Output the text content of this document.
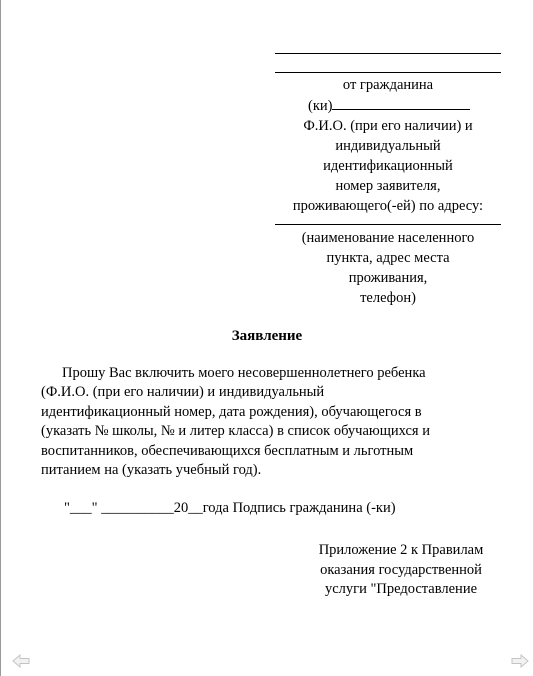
от гражданина
(ки)
Ф.И.О. (при его наличии) и
индивидуальный
идентификационный
номер заявителя,
проживающего(-ей) по адресу:
(наименование населенного
пункта, адрес места
проживания,
телефон)
Заявление
Прошу Вас включить моего несовершеннолетнего ребенка
(Ф.И.О. (при его наличии) и индивидуальный
идентификационный номер, дата рождения), обучающегося в
(указать № школы, № и литер класса) в список обучающихся и
воспитанников, обеспечивающихся бесплатным и льготным
питанием на (указать учебный год).
"___" __________20__года Подпись гражданина (-ки)
Приложение 2 к Правилам
оказания государственной
услуги "Предоставление
